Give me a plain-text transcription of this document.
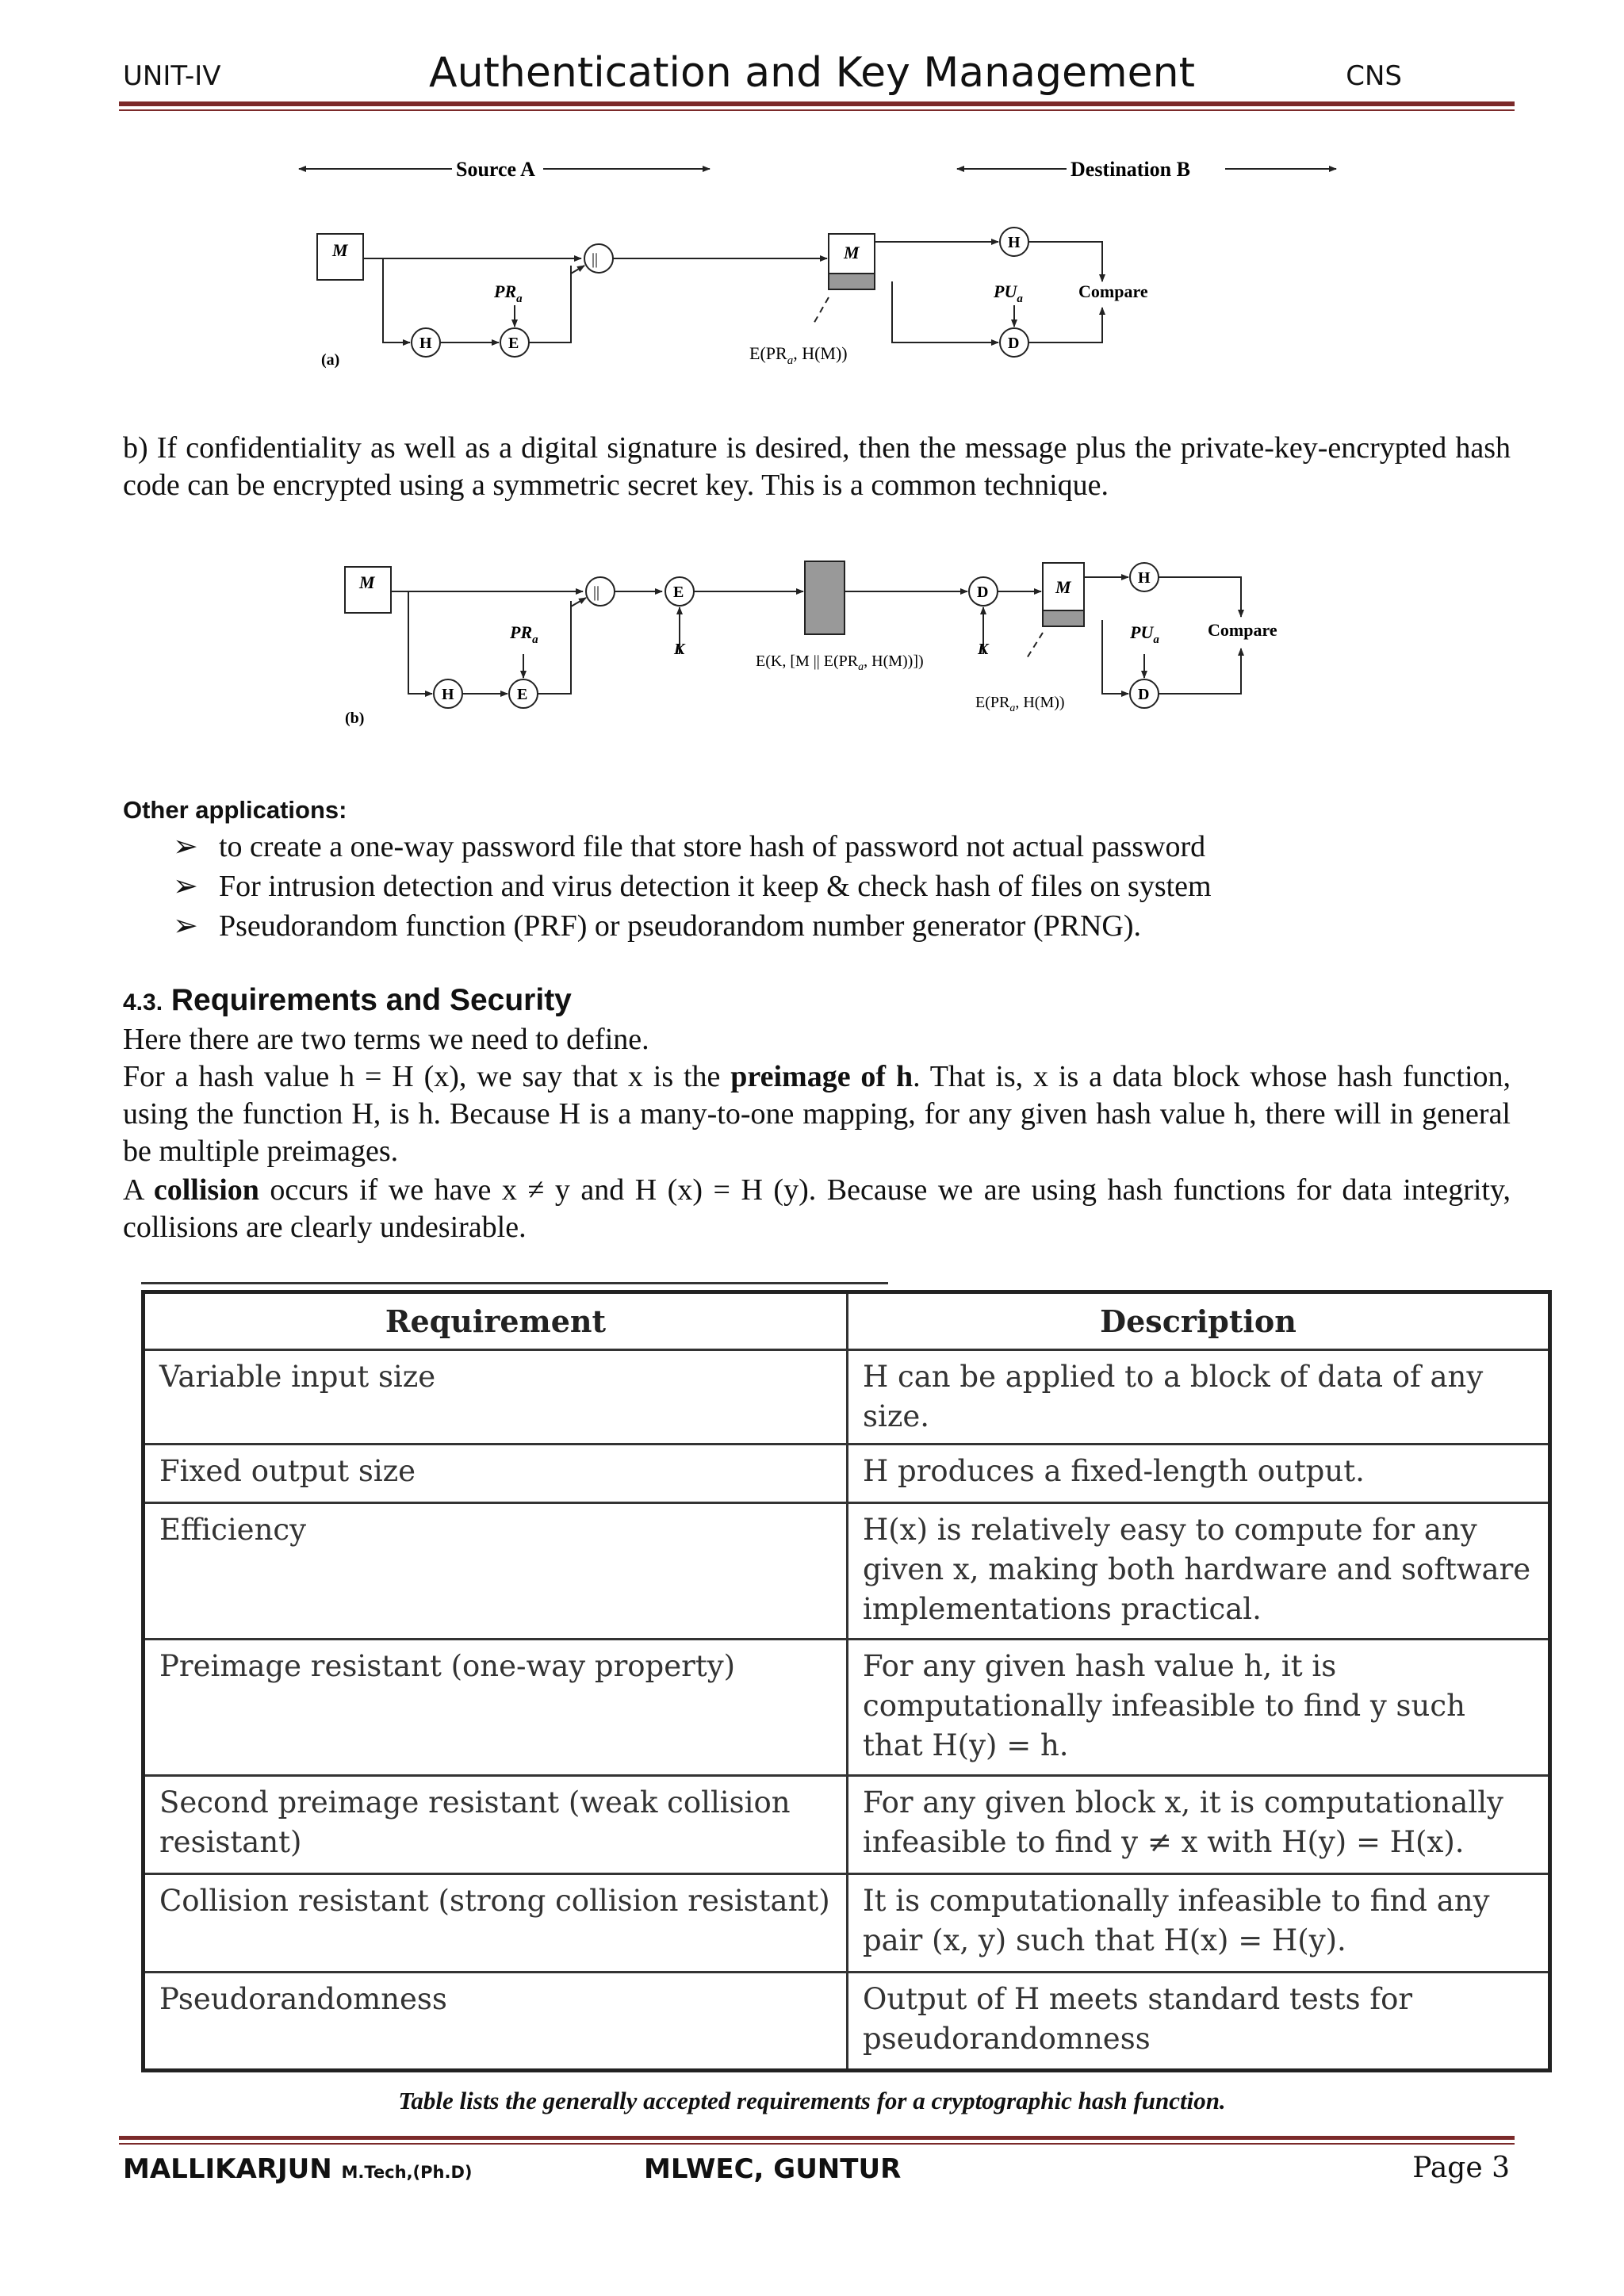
UNIT-IV	Authentication and Key Management	CNS
Source A	Destination B
M	||
H	E
$PR_a$
M
$E(PR_a$, H(M))
H
Compare
D
$PU_a$
(a)
b) If confidentiality as well as a digital signature is desired, then the message plus the private-key-encrypted hash code can be encrypted using a symmetric secret key. This is a common technique.
M	||
H	E
$PR_a$
E
K
E(K, [M || $E(PR_a$, H(M))])
D
K
M
$E(PR_a$, H(M))
H
Compare
D
$PU_a$
(b)
Other applications:
➢ to create a one-way password file that store hash of password not actual password
➢ For intrusion detection and virus detection it keep & check hash of files on system
➢ Pseudorandom function (PRF) or pseudorandom number generator (PRNG).
4.3. Requirements and Security
Here there are two terms we need to define.
For a hash value h = H (x), we say that x is the preimage of h. That is, x is a data block whose hash function, using the function H, is h. Because H is a many-to-one mapping, for any given hash value h, there will in general be multiple preimages.
A collision occurs if we have x ≠ y and H (x) = H (y). Because we are using hash functions for data integrity, collisions are clearly undesirable.
Requirement	Description
Variable input size	H can be applied to a block of data of any size.
Fixed output size	H produces a fixed-length output.
Efficiency	H(x) is relatively easy to compute for any given x, making both hardware and software implementations practical.
Preimage resistant (one-way property)	For any given hash value h, it is computationally infeasible to find y such that H(y) = h.
Second preimage resistant (weak collision resistant)	For any given block x, it is computationally infeasible to find y ≠ x with H(y) = H(x).
Collision resistant (strong collision resistant)	It is computationally infeasible to find any pair (x, y) such that H(x) = H(y).
Pseudorandomness	Output of H meets standard tests for pseudorandomness
Table lists the generally accepted requirements for a cryptographic hash function.
MALLIKARJUN M.Tech,(Ph.D)	MLWEC, GUNTUR	Page 3
